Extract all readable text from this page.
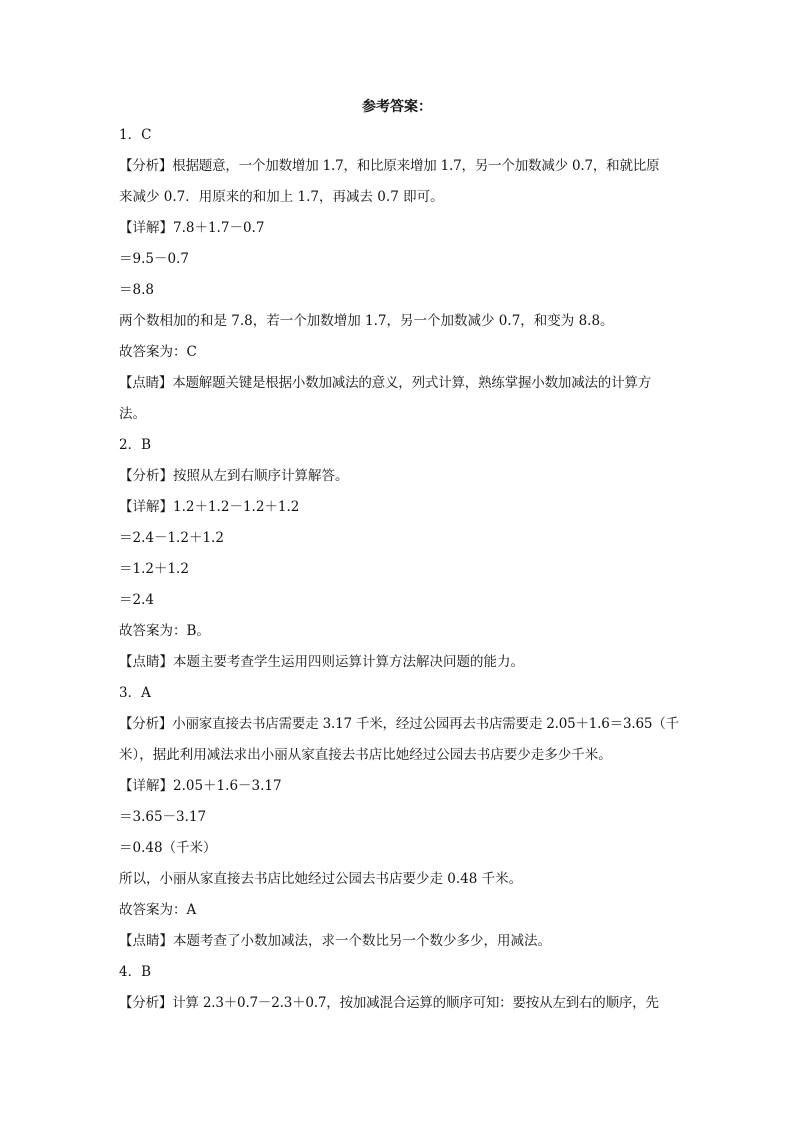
参考答案：
1．C
【分析】根据题意，一个加数增加 1.7，和比原来增加 1.7，另一个加数减少 0.7，和就比原
来减少 0.7．用原来的和加上 1.7，再减去 0.7 即可。
【详解】7.8＋1.7－0.7
＝9.5－0.7
＝8.8
两个数相加的和是 7.8，若一个加数增加 1.7，另一个加数减少 0.7，和变为 8.8。
故答案为：C
【点睛】本题解题关键是根据小数加减法的意义，列式计算，熟练掌握小数加减法的计算方
法。
2．B
【分析】按照从左到右顺序计算解答。
【详解】1.2＋1.2－1.2＋1.2
＝2.4－1.2＋1.2
＝1.2＋1.2
＝2.4
故答案为：B。
【点睛】本题主要考查学生运用四则运算计算方法解决问题的能力。
3．A
【分析】小丽家直接去书店需要走 3.17 千米，经过公园再去书店需要走 2.05＋1.6＝3.65（千
米），据此利用减法求出小丽从家直接去书店比她经过公园去书店要少走多少千米。
【详解】2.05＋1.6－3.17
＝3.65－3.17
＝0.48（千米）
所以，小丽从家直接去书店比她经过公园去书店要少走 0.48 千米。
故答案为：A
【点睛】本题考查了小数加减法，求一个数比另一个数少多少，用减法。
4．B
【分析】计算 2.3＋0.7－2.3＋0.7，按加减混合运算的顺序可知：要按从左到右的顺序，先
